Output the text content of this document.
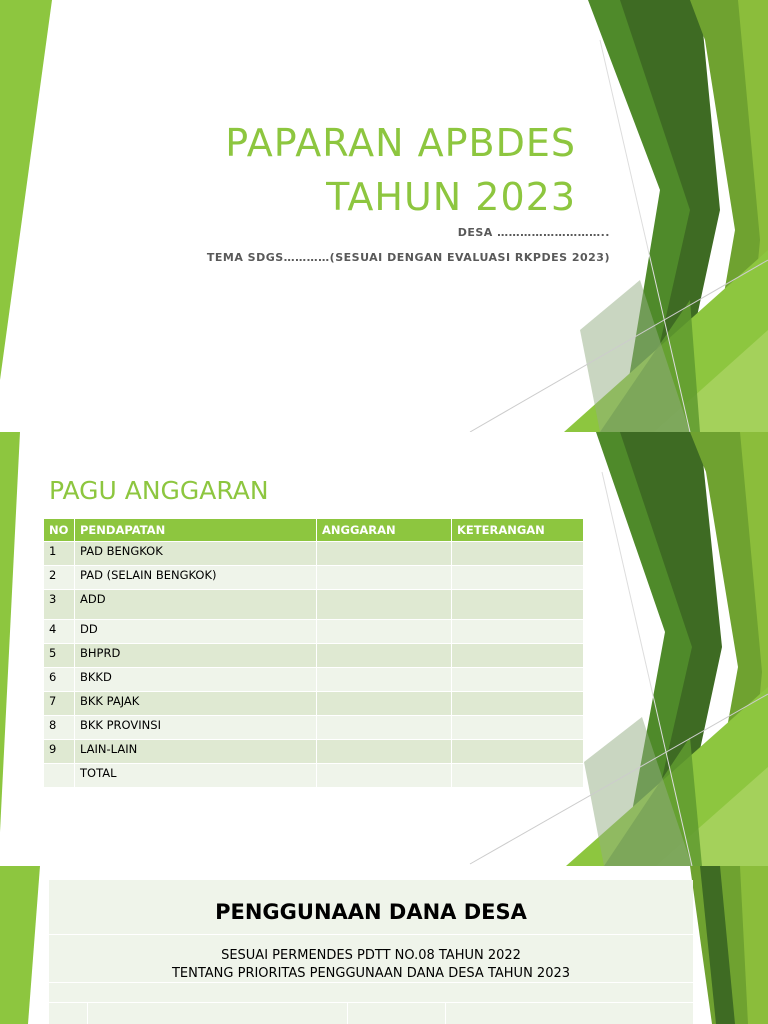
PAPARAN APBDES
TAHUN 2023
DESA ………………………..
TEMA SDGS…………(SESUAI DENGAN EVALUASI RKPDES 2023)
PAGU ANGGARAN
NO	PENDAPATAN	ANGGARAN	KETERANGAN
1	PAD BENGKOK		
2	PAD (SELAIN BENGKOK)		
3	ADD		
4	DD		
5	BHPRD		
6	BKKD		
7	BKK PAJAK		
8	BKK PROVINSI		
9	LAIN-LAIN		
	TOTAL		
PENGGUNAAN DANA DESA
SESUAI PERMENDES PDTT NO.08 TAHUN 2022
TENTANG PRIORITAS PENGGUNAAN DANA DESA TAHUN 2023
